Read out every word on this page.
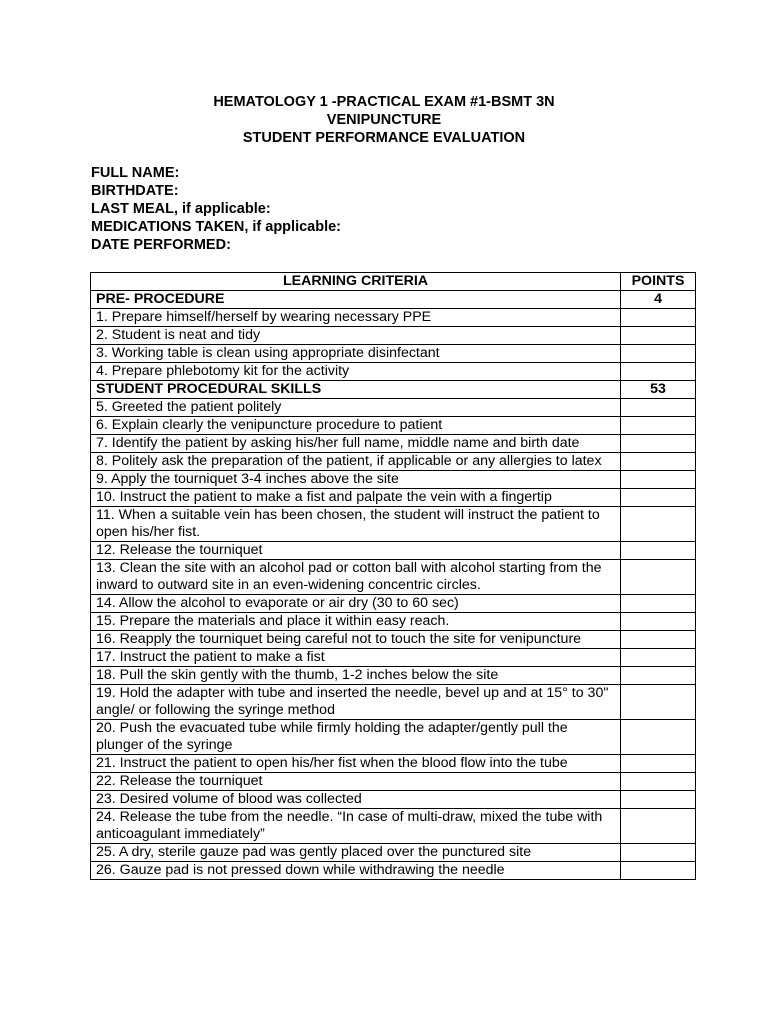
HEMATOLOGY 1 -PRACTICAL EXAM #1-BSMT 3N
VENIPUNCTURE
STUDENT PERFORMANCE EVALUATION
FULL NAME:
BIRTHDATE:
LAST MEAL, if applicable:
MEDICATIONS TAKEN, if applicable:
DATE PERFORMED:
LEARNING CRITERIA	POINTS
PRE- PROCEDURE	4
1. Prepare himself/herself by wearing necessary PPE	
2. Student is neat and tidy	
3. Working table is clean using appropriate disinfectant	
4. Prepare phlebotomy kit for the activity	
STUDENT PROCEDURAL SKILLS	53
5. Greeted the patient politely	
6. Explain clearly the venipuncture procedure to patient	
7. Identify the patient by asking his/her full name, middle name and birth date	
8. Politely ask the preparation of the patient, if applicable or any allergies to latex	
9. Apply the tourniquet 3-4 inches above the site	
10. Instruct the patient to make a fist and palpate the vein with a fingertip	
11. When a suitable vein has been chosen, the student will instruct the patient to open his/her fist.	
12. Release the tourniquet	
13. Clean the site with an alcohol pad or cotton ball with alcohol starting from the inward to outward site in an even-widening concentric circles.	
14. Allow the alcohol to evaporate or air dry (30 to 60 sec)	
15. Prepare the materials and place it within easy reach.	
16. Reapply the tourniquet being careful not to touch the site for venipuncture	
17. Instruct the patient to make a fist	
18. Pull the skin gently with the thumb, 1-2 inches below the site	
19. Hold the adapter with tube and inserted the needle, bevel up and at 15° to 30" angle/ or following the syringe method	
20. Push the evacuated tube while firmly holding the adapter/gently pull the plunger of the syringe	
21. Instruct the patient to open his/her fist when the blood flow into the tube	
22. Release the tourniquet	
23. Desired volume of blood was collected	
24. Release the tube from the needle. “In case of multi-draw, mixed the tube with anticoagulant immediately”	
25. A dry, sterile gauze pad was gently placed over the punctured site	
26. Gauze pad is not pressed down while withdrawing the needle	
